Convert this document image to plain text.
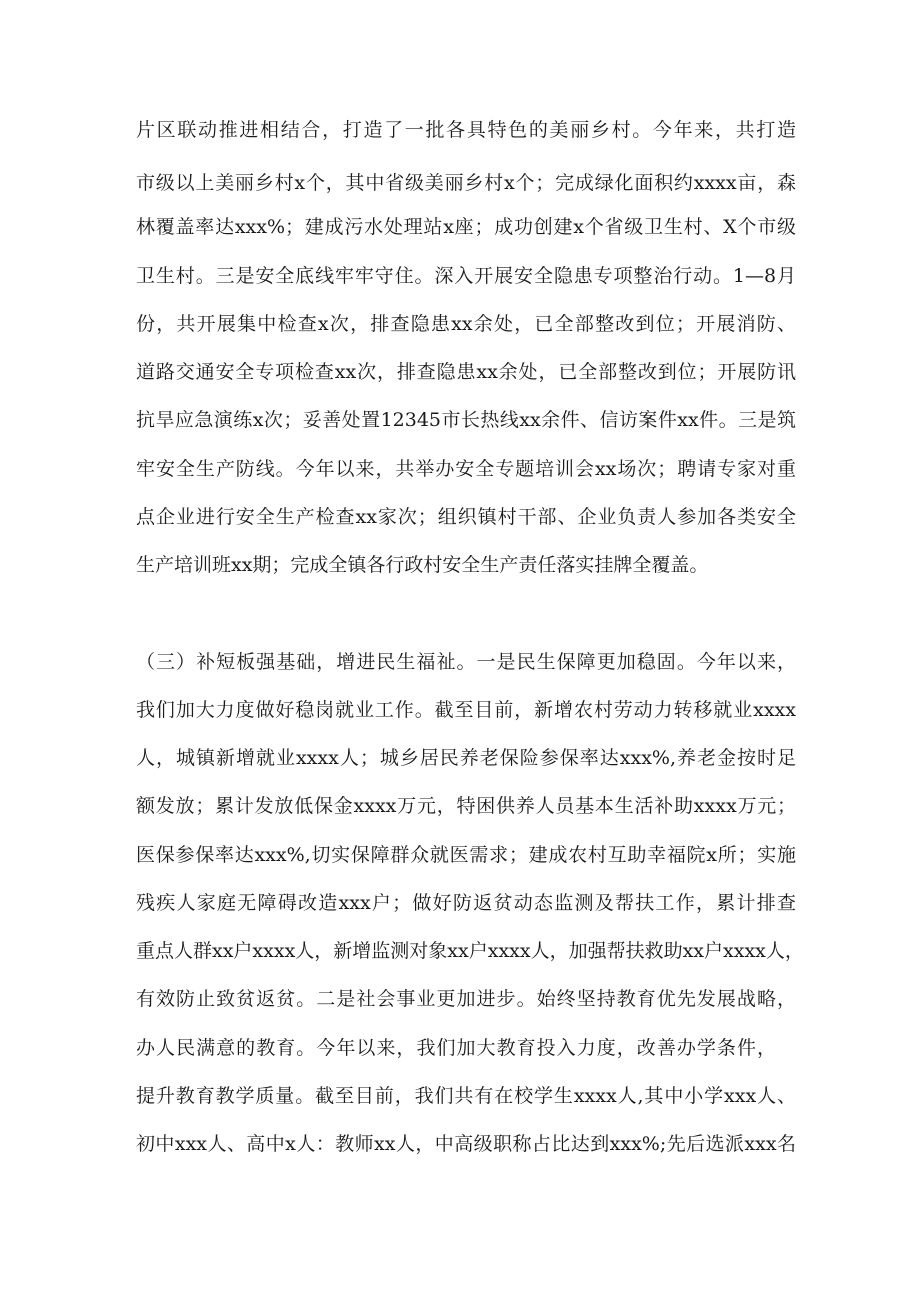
片区联动推进相结合，打造了一批各具特色的美丽乡村。今年来，共打造
市级以上美丽乡村x个，其中省级美丽乡村x个；完成绿化面积约xxxx亩，森
林覆盖率达xxx%；建成污水处理站x座；成功创建x个省级卫生村、X个市级
卫生村。三是安全底线牢牢守住。深入开展安全隐患专项整治行动。1—8月
份，共开展集中检查x次，排查隐患xx余处，已全部整改到位；开展消防、
道路交通安全专项检查xx次，排查隐患xx余处，已全部整改到位；开展防讯
抗旱应急演练x次；妥善处置12345市长热线xx余件、信访案件xx件。三是筑
牢安全生产防线。今年以来，共举办安全专题培训会xx场次；聘请专家对重
点企业进行安全生产检查xx家次；组织镇村干部、企业负责人参加各类安全
生产培训班xx期；完成全镇各行政村安全生产责任落实挂牌全覆盖。
（三）补短板强基础，增进民生福祉。一是民生保障更加稳固。今年以来，
我们加大力度做好稳岗就业工作。截至目前，新增农村劳动力转移就业xxxx
人，城镇新增就业xxxx人；城乡居民养老保险参保率达xxx%,养老金按时足
额发放；累计发放低保金xxxx万元，特困供养人员基本生活补助xxxx万元；
医保参保率达xxx%,切实保障群众就医需求；建成农村互助幸福院x所；实施
残疾人家庭无障碍改造xxx户；做好防返贫动态监测及帮扶工作，累计排查
重点人群xx户xxxx人，新增监测对象xx户xxxx人，加强帮扶救助xx户xxxx人，
有效防止致贫返贫。二是社会事业更加进步。始终坚持教育优先发展战略，
办人民满意的教育。今年以来，我们加大教育投入力度，改善办学条件，
提升教育教学质量。截至目前，我们共有在校学生xxxx人,其中小学xxx人、
初中xxx人、高中x人：教师xx人，中高级职称占比达到xxx%;先后选派xxx名
